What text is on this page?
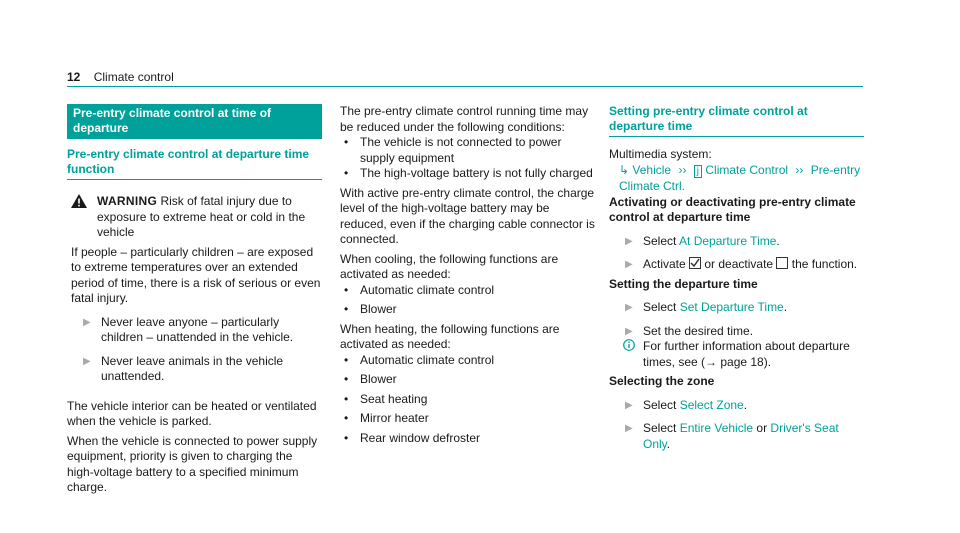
12 Climate control
Pre-entry climate control at time of departure
Pre-entry climate control at departure time function
WARNING Risk of fatal injury due to exposure to extreme heat or cold in the vehicle

If people – particularly children – are exposed to extreme temperatures over an extended period of time, there is a risk of serious or even fatal injury.

▶ Never leave anyone – particularly children – unattended in the vehicle.
▶ Never leave animals in the vehicle unattended.

The vehicle interior can be heated or ventilated when the vehicle is parked.

When the vehicle is connected to power supply equipment, priority is given to charging the high-voltage battery to a specified minimum charge.

The pre-entry climate control running time may be reduced under the following conditions:

• The vehicle is not connected to power supply equipment
• The high-voltage battery is not fully charged

With active pre-entry climate control, the charge level of the high-voltage battery may be reduced, even if the charging cable connector is connected.

When cooling, the following functions are activated as needed:

• Automatic climate control
• Blower

When heating, the following functions are activated as needed:

• Automatic climate control
• Blower
• Seat heating
• Mirror heater
• Rear window defroster
Setting pre-entry climate control at departure time

Multimedia system:

↳ Vehicle ›› ϳ Climate Control ›› Pre-entry Climate Ctrl.

Activating or deactivating pre-entry climate control at departure time

▶ Select At Departure Time.
▶ Activate
or deactivate  the function.

Setting the departure time

▶ Select Set Departure Time.
▶ Set the desired time.
For further information about departure times, see (→ page 18).

Selecting the zone

▶ Select Select Zone.
▶ Select Entire Vehicle or Driver's Seat Only.
